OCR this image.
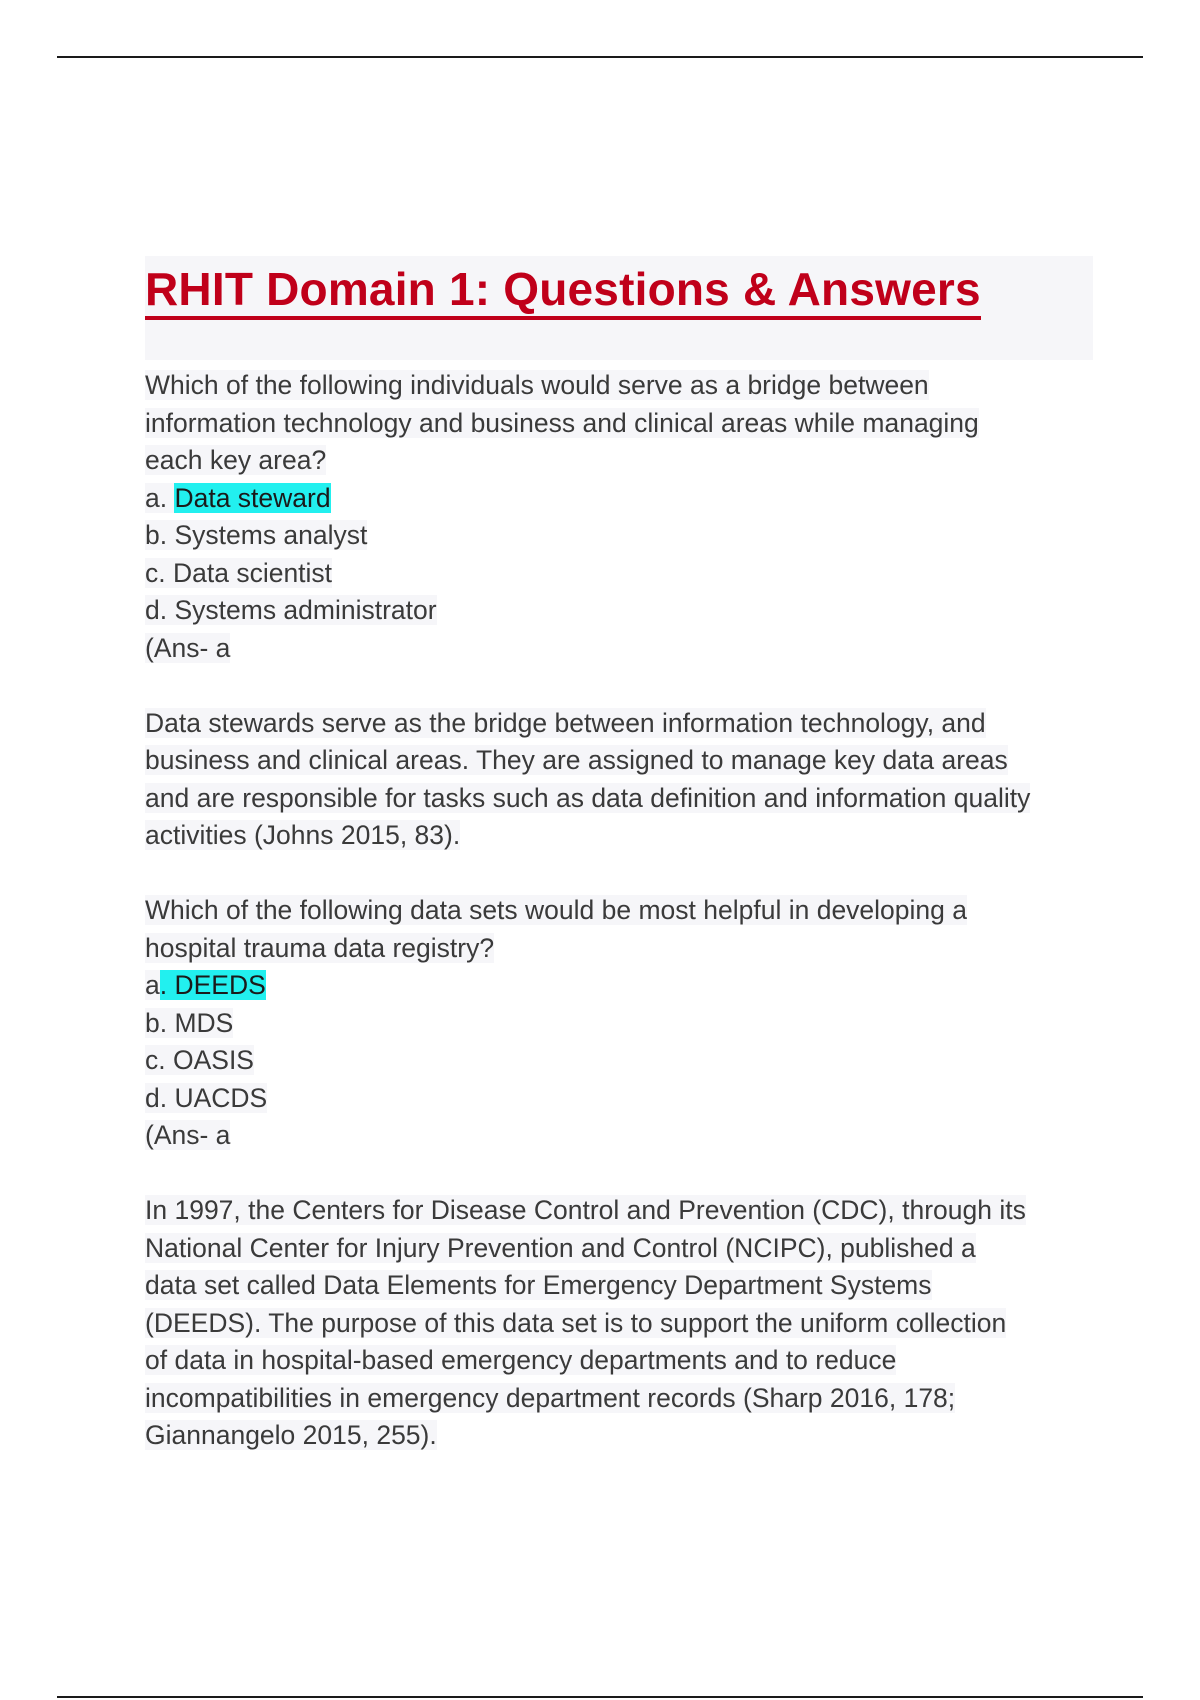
RHIT Domain 1: Questions & Answers
Which of the following individuals would serve as a bridge between
information technology and business and clinical areas while managing
each key area?
a. Data steward
b. Systems analyst
c. Data scientist
d. Systems administrator
(Ans- a
Data stewards serve as the bridge between information technology, and
business and clinical areas. They are assigned to manage key data areas
and are responsible for tasks such as data definition and information quality
activities (Johns 2015, 83).
Which of the following data sets would be most helpful in developing a
hospital trauma data registry?
a. DEEDS
b. MDS
c. OASIS
d. UACDS
(Ans- a
In 1997, the Centers for Disease Control and Prevention (CDC), through its
National Center for Injury Prevention and Control (NCIPC), published a
data set called Data Elements for Emergency Department Systems
(DEEDS). The purpose of this data set is to support the uniform collection
of data in hospital-based emergency departments and to reduce
incompatibilities in emergency department records (Sharp 2016, 178;
Giannangelo 2015, 255).
